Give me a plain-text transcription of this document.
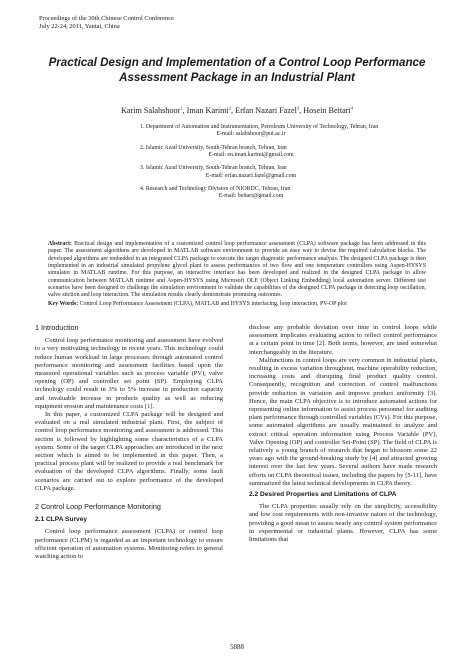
Proceedings of the 30th Chinese Control Conference
July 22-24, 2011, Yantai, China
Practical Design and Implementation of a Control Loop Performance
Assessment Package in an Industrial Plant
Karim Salahshoor$^1$, Iman Karimi$^2$, Erfan Nazari Fazel$^3$, Hosein Beitari$^4$
1. Department of Automation and Instrumentation, Petroleum University of Technology, Tehran, Iran
E-mail: salahshoor@put.ac.ir
2. Islamic Azad University, South-Tehran branch, Tehran, Iran
E-mail: en.iman.karimi@gmail.com
3. Islamic Azad University, South-Tehran branch, Tehran, Iran
E-mail: erfan.nazari.fazel@gmail.com
4. Research and Technology Division of NIORDC, Tehran, Iran
E-mail: beitari@gmail.com
Abstract: Practical design and implementation of a customized control loop performance assessment (CLPA) software package has been addressed in this paper. The assessment algorithms are developed in MATLAB software environment to provide an easy way to devise the required calculation blocks. The developed algorithms are embedded in an integrated CLPA package to execute the target diagnostic performance analysis. The designed CLPA package is then implemented in an industrial simulated propylene glycol plant to assess performances of two flow and one temperature controllers using Aspen-HYSYS simulator in MATLAB runtime. For this purpose, an interactive interface has been developed and realized in the designed CLPA package to allow communication between MATLAB runtime and Aspen-HYSYS using Microsoft OLE (Object Linking Embedding) local automation server. Different test scenarios have been designed to challenge the simulation environment to validate the capabilities of the designed CLPA package in detecting loop oscillation, valve stiction and loop interaction. The simulation results clearly demonstrate promising outcomes.
Key Words: Control Loop Performance Assessment (CLPA), MATLAB and HYSYS interfacing, loop interaction, PV-OP plot
1 Introduction

Control loop performance monitoring and assessment have evolved to a very motivating technology in recent years. This technology could reduce human workload in large processes through automated control performance monitoring and assessment facilities based upon the measured operational variables such as process variable (PV), valve opening (OP) and controller set point (SP). Employing CLPA technology could result in 3% to 5% increase in production capacity and invaluable increase in products quality as well as reducing equipment erosion and maintenance costs [1].

In this paper, a customized CLPA package will be designed and evaluated on a real simulated industrial plant. First, the subject of control loop performance monitoring and assessment is addressed. This section is followed by highlighting some characteristics of a CLPA system. Some of the target CLPA approaches are introduced in the next section which is aimed to be implemented in this paper. Then, a practical process plant will be realized to provide a real benchmark for evaluation of the developed CLPA algorithms. Finally, some fault scenarios are carried out to explore performance of the developed CLPA package.

2 Control Loop Performance Monitoring
2.1 CLPA Survey

Control loop performance assessment (CLPA) or control loop performance (CLPM) is regarded as an important technology to ensure efficient operation of automation systems. Monitoring refers to general watching action to

disclose any probable deviation over time in control loops while assessment implicates evaluating action to reflect control performance at a certain point in time [2]. Both terms, however, are used somewhat interchangeably in the literature.

Malfunctions in control loops are very common in industrial plants, resulting in excess variation throughout, machine operability reduction, increasing costs and disrupting final product quality control. Consequently, recognition and correction of control malfunctions provide reduction in variation and improve product uniformity [3]. Hence, the main CLPA objective is to introduce automated actions for representing online information to assist process personnel for auditing plant performance through controlled variables (CVs). For this purpose, some automated algorithms are usually maintained to analyze and extract critical operation information using Process Variable (PV), Valve Opening (OP) and controller Set-Point (SP). The field of CLPA is relatively a young branch of research that began to blossom some 22 years ago with the ground-breaking study by [4] and attracted growing interest over the last few years. Several authors have made research efforts on CLPA theoretical issues, including the papers by [5-11], have summarized the latest technical developments in CLPA theory.

2.2 Desired Properties and Limitations of CLPA

The CLPA properties usually rely on the simplicity, accessibility and low cost requirements with non-invasive nature of the technology, providing a good mean to assess nearly any control system performance in experimental or industrial plants. However, CLPA has some limitations that

5888
